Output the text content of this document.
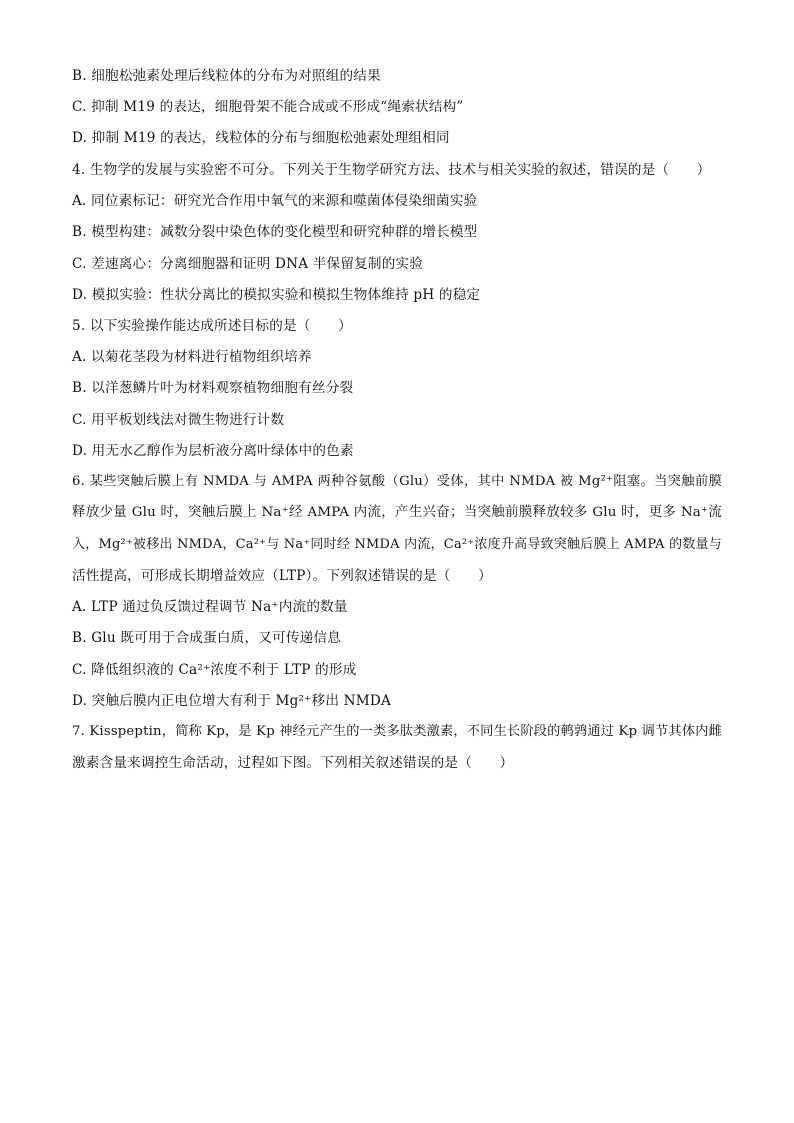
B. 细胞松弛素处理后线粒体的分布为对照组的结果
C. 抑制 M19 的表达，细胞骨架不能合成或不形成“绳索状结构”
D. 抑制 M19 的表达，线粒体的分布与细胞松弛素处理组相同
4. 生物学的发展与实验密不可分。下列关于生物学研究方法、技术与相关实验的叙述，错误的是（　　）
A. 同位素标记：研究光合作用中氧气的来源和噬菌体侵染细菌实验
B. 模型构建：减数分裂中染色体的变化模型和研究种群的增长模型
C. 差速离心：分离细胞器和证明 DNA 半保留复制的实验
D. 模拟实验：性状分离比的模拟实验和模拟生物体维持 pH 的稳定
5. 以下实验操作能达成所述目标的是（　　）
A. 以菊花茎段为材料进行植物组织培养
B. 以洋葱鳞片叶为材料观察植物细胞有丝分裂
C. 用平板划线法对微生物进行计数
D. 用无水乙醇作为层析液分离叶绿体中的色素
6. 某些突触后膜上有 NMDA 与 AMPA 两种谷氨酸（Glu）受体，其中 NMDA 被 Mg²⁺阻塞。当突触前膜
释放少量 Glu 时，突触后膜上 Na⁺经 AMPA 内流，产生兴奋；当突触前膜释放较多 Glu 时，更多 Na⁺流
入，Mg²⁺被移出 NMDA，Ca²⁺与 Na⁺同时经 NMDA 内流，Ca²⁺浓度升高导致突触后膜上 AMPA 的数量与
活性提高，可形成长期增益效应（LTP）。下列叙述错误的是（　　）
A. LTP 通过负反馈过程调节 Na⁺内流的数量
B. Glu 既可用于合成蛋白质，又可传递信息
C. 降低组织液的 Ca²⁺浓度不利于 LTP 的形成
D. 突触后膜内正电位增大有利于 Mg²⁺移出 NMDA
7. Kisspeptin，简称 Kp，是 Kp 神经元产生的一类多肽类激素，不同生长阶段的鹌鹑通过 Kp 调节其体内雌
激素含量来调控生命活动，过程如下图。下列相关叙述错误的是（　　）
